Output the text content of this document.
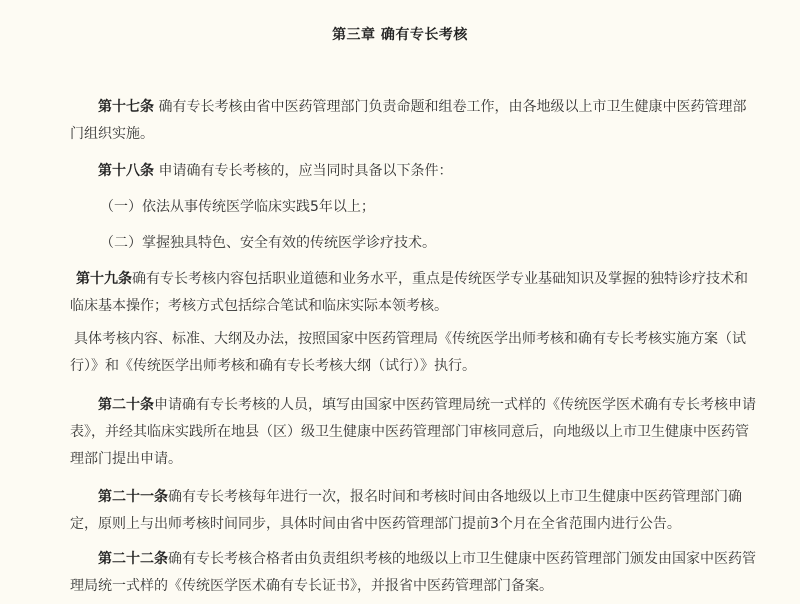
第三章 确有专长考核
第十七条 确有专长考核由省中医药管理部门负责命题和组卷工作，由各地级以上市卫生健康中医药管理部门组织实施。
第十八条 申请确有专长考核的，应当同时具备以下条件：
（一）依法从事传统医学临床实践5年以上；
（二）掌握独具特色、安全有效的传统医学诊疗技术。
第十九条确有专长考核内容包括职业道德和业务水平，重点是传统医学专业基础知识及掌握的独特诊疗技术和临床基本操作；考核方式包括综合笔试和临床实际本领考核。
具体考核内容、标准、大纲及办法，按照国家中医药管理局《传统医学出师考核和确有专长考核实施方案（试行）》和《传统医学出师考核和确有专长考核大纲（试行）》执行。
第二十条申请确有专长考核的人员，填写由国家中医药管理局统一式样的《传统医学医术确有专长考核申请表》，并经其临床实践所在地县（区）级卫生健康中医药管理部门审核同意后，向地级以上市卫生健康中医药管理部门提出申请。
第二十一条确有专长考核每年进行一次，报名时间和考核时间由各地级以上市卫生健康中医药管理部门确定，原则上与出师考核时间同步，具体时间由省中医药管理部门提前3个月在全省范围内进行公告。
第二十二条确有专长考核合格者由负责组织考核的地级以上市卫生健康中医药管理部门颁发由国家中医药管理局统一式样的《传统医学医术确有专长证书》，并报省中医药管理部门备案。
